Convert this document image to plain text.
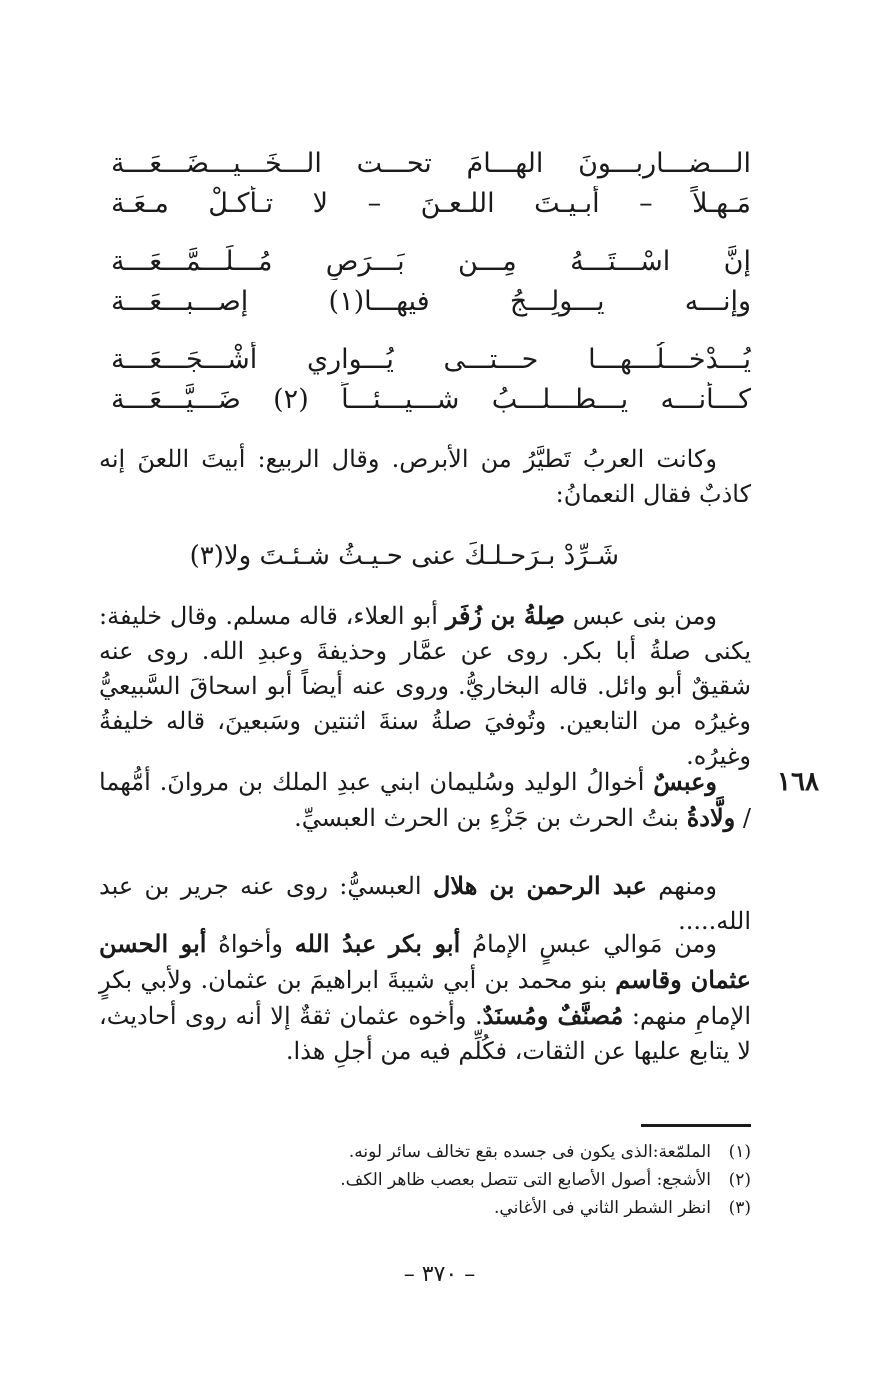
الـــضـــاربـــونَ الهـــامَ تحـــت الـــخَـــيـــضَـــعَـــة
مَـهـلاً – أبـيـتَ اللـعـنَ – لا تـأكـلْ مـعَـة
إنَّ اسْـــتَـــهُ مِـــن بَـــرَصٍ مُـــلَـــمَّـــعَـــة
وإنـــه يـــولِـــجُ فيهـــا(١) إصـــبـــعَـــة
يُـــدْخـــلُـــهـــا حـــتـــى يُـــواري أشْـــجَـــعَـــة
كـــأنـــه يـــطـــلـــبُ شـــيـــئـــاً (٢) ضَـــيَّـــعَـــة
وكانت العربُ تَطيَّرُ من الأبرص. وقال الربيع: أبيتَ اللعنَ إنه كاذبٌ فقال النعمانُ:
شَـرِّدْ بـرَحـلـكَ عنى حـيـثُ شـئـتَ ولا(٣)
ومن بنى عبس صِلةُ بن زُفَر أبو العلاء، قاله مسلم. وقال خليفة: يكنى صلةُ أبا بكر. روى عن عمَّار وحذيفةَ وعبدِ الله. روى عنه شقيقٌ أبو وائل. قاله البخاريُّ. وروى عنه أيضاً أبو اسحاقَ السَّبيعيُّ وغيرُه من التابعين. وتُوفيَ صلةُ سنةَ اثنتين وسَبعينَ، قاله خليفةُ وغيرُه.
١٦٨
وعبسٌ أخوالُ الوليد وسُليمان ابني عبدِ الملك بن مروانَ. أمُّهما / ولَّادةُ بنتُ الحرث بن جَزْءِ بن الحرث العبسيِّ.
ومنهم عبد الرحمن بن هلال العبسيُّ: روى عنه جرير بن عبد الله.....
ومن مَوالي عبسٍ الإمامُ أبو بكر عبدُ الله وأخواهُ أبو الحسن عثمان وقاسم بنو محمد بن أبي شيبةَ ابراهيمَ بن عثمان. ولأبي بكرٍ الإمامِ منهم: مُصنَّفٌ ومُسنَدٌ. وأخوه عثمان ثقةٌ إلا أنه روى أحاديث، لا يتابع عليها عن الثقات، فكُلِّم فيه من أجلِ هذا.
(١)
الملمّعة:الذى يكون فى جسده بقع تخالف سائر لونه.
(٢)
الأشجع: أصول الأصابع التى تتصل بعصب ظاهر الكف.
(٣)
انظر الشطر الثاني فى الأغاني.
– ٣٧٠ –
